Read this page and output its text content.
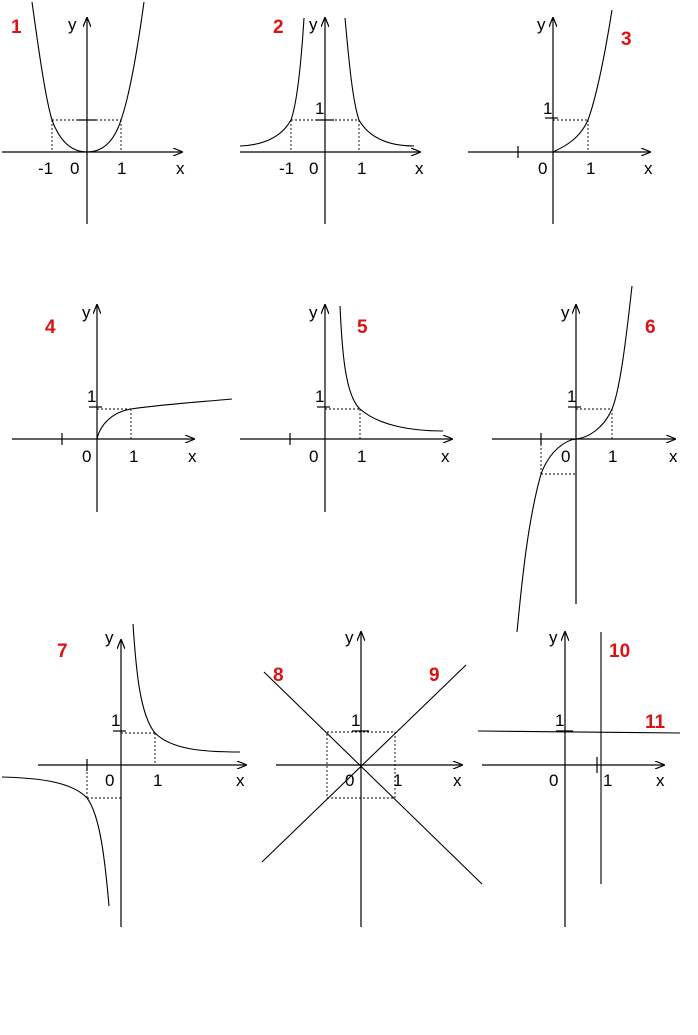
y
x
-1 0 1
1	y
x
1
-1 0 1
2	y
x
1
0 1
3
y
x
1
0 1
4
y
x
1
0 1
5
y
x
1
0 1
6
y
x
1
0 1
7
y
x
1
0 1
8	9
y
x
1
0	1
10
11
